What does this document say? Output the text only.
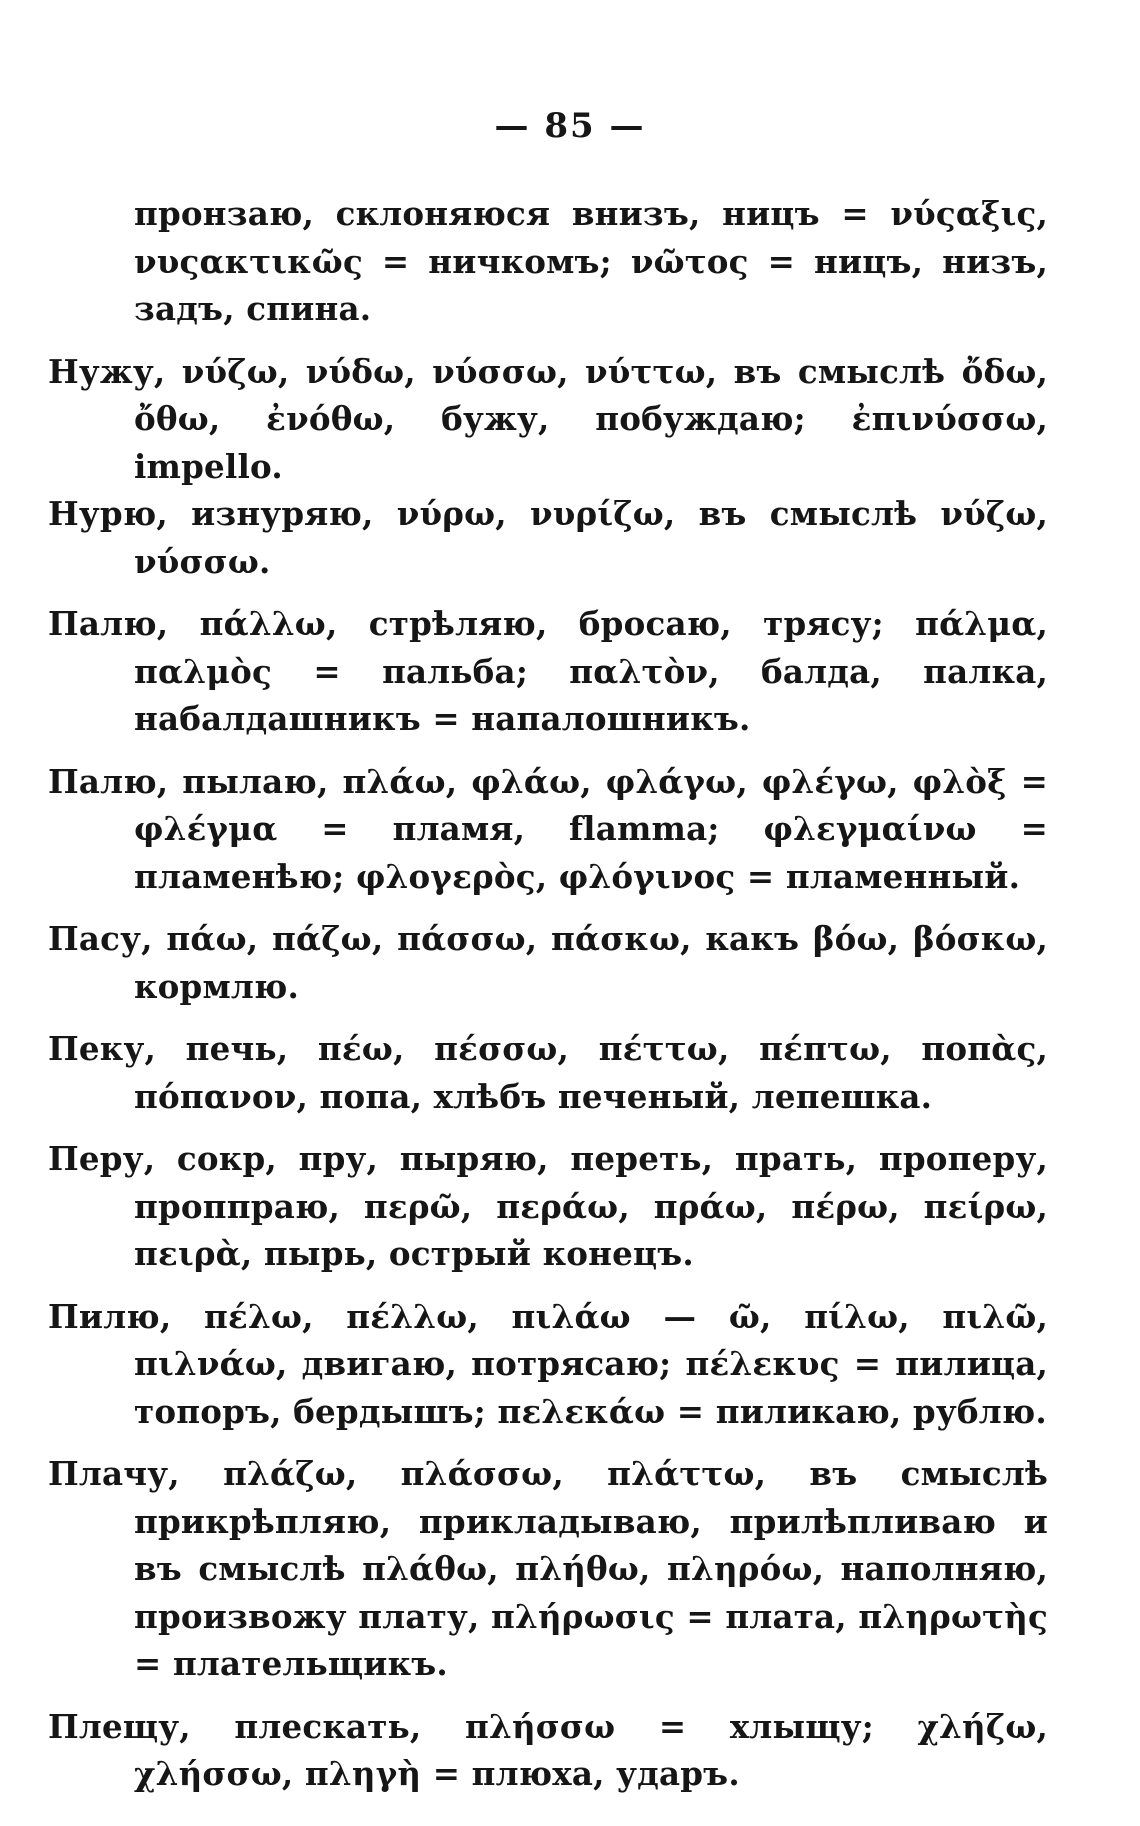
— 85 —
пронзаю, склоняюся внизъ, ницъ = νύςαξις, νυςακτικῶς = ничкомъ; νῶτος = ницъ, низъ, задъ, спина.
Нужу, νύζω, νύδω, νύσσω, νύττω, въ смыслѣ ὄδω, ὄθω, ἐνόθω, бужу, побуждаю; ἐπινύσσω, impello.
Нурю, изнуряю, νύρω, νυρίζω, въ смыслѣ νύζω, νύσσω.
Палю, πάλλω, стрѣляю, бросаю, трясу; πάλμα, παλμὸς = пальба; παλτὸν, балда, палка, набалдашникъ = напалошникъ.
Палю, пылаю, πλάω, φλάω, φλάγω, φλέγω, φλὸξ = φλέγμα = пламя, flamma; φλεγμαίνω = пламенѣю; φλογερὸς, φλόγινος = пламенный.
Пасу, πάω, πάζω, πάσσω, πάσκω, какъ βόω, βόσκω, кормлю.
Пеку, печь, πέω, πέσσω, πέττω, πέπτω, ποπὰς, πόπανον, попа, хлѣбъ печеный, лепешка.
Перу, сокр, пру, пыряю, переть, прать, проперу, проппраю, περῶ, περάω, πράω, πέρω, πείρω, πειρὰ, пырь, острый конецъ.
Пилю, πέλω, πέλλω, πιλάω — ῶ, πίλω, πιλῶ, πιλνάω, двигаю, потрясаю; πέλεκυς = пилица, топоръ, бердышъ; πελεκάω = пиликаю, рублю.
Плачу, πλάζω, πλάσσω, πλάττω, въ смыслѣ прикрѣпляю, прикладываю, прилѣпливаю и въ смыслѣ πλάθω, πλήθω, πληρόω, наполняю, произвожу плату, πλήρωσις = плата, πληρωτὴς = плательщикъ.
Плещу, плескать, πλήσσω = хлыщу; χλήζω, χλήσσω, πληγὴ = плюха, ударъ.
